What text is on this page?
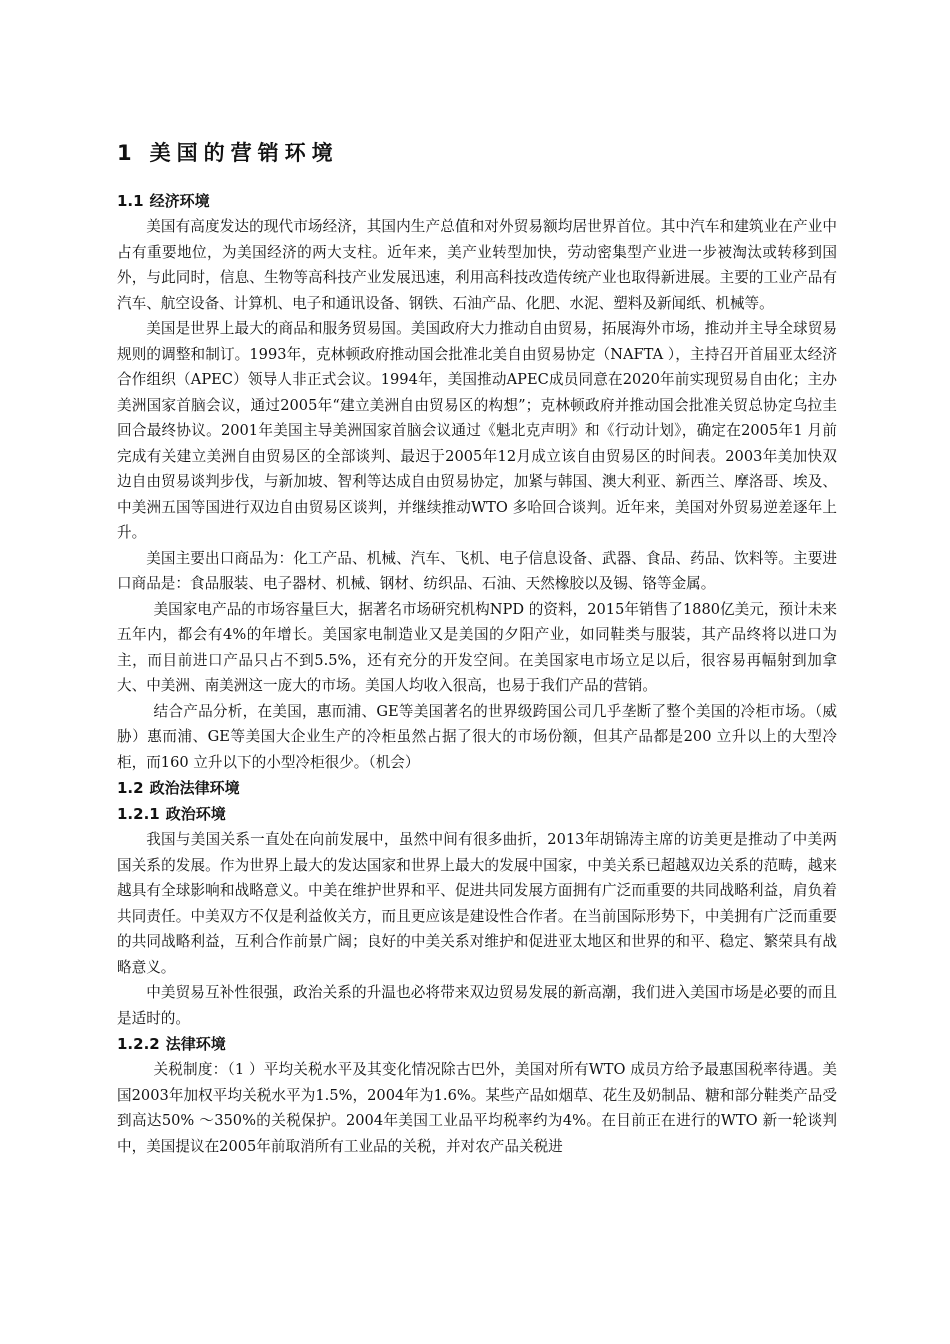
1 美国的营销环境
1.1 经济环境

美国有高度发达的现代市场经济，其国内生产总值和对外贸易额均居世界首位。其中汽车和建筑业在产业中占有重要地位，为美国经济的两大支柱。近年来，美产业转型加快，劳动密集型产业进一步被淘汰或转移到国外，与此同时，信息、生物等高科技产业发展迅速，利用高科技改造传统产业也取得新进展。主要的工业产品有汽车、航空设备、计算机、电子和通讯设备、钢铁、石油产品、化肥、水泥、塑料及新闻纸、机械等。

美国是世界上最大的商品和服务贸易国。美国政府大力推动自由贸易，拓展海外市场，推动并主导全球贸易规则的调整和制订。1993年，克林顿政府推动国会批准北美自由贸易协定（NAFTA ），主持召开首届亚太经济合作组织（APEC）领导人非正式会议。1994年，美国推动APEC成员同意在2020年前实现贸易自由化；主办美洲国家首脑会议，通过2005年“建立美洲自由贸易区的构想”；克林顿政府并推动国会批准关贸总协定乌拉圭回合最终协议。2001年美国主导美洲国家首脑会议通过《魁北克声明》和《行动计划》，确定在2005年1 月前完成有关建立美洲自由贸易区的全部谈判、最迟于2005年12月成立该自由贸易区的时间表。2003年美加快双边自由贸易谈判步伐，与新加坡、智利等达成自由贸易协定，加紧与韩国、澳大利亚、新西兰、摩洛哥、埃及、中美洲五国等国进行双边自由贸易区谈判，并继续推动WTO 多哈回合谈判。近年来，美国对外贸易逆差逐年上升。

美国主要出口商品为：化工产品、机械、汽车、飞机、电子信息设备、武器、食品、药品、饮料等。主要进口商品是：食品服装、电子器材、机械、钢材、纺织品、石油、天然橡胶以及锡、铬等金属。

美国家电产品的市场容量巨大，据著名市场研究机构NPD 的资料，2015年销售了1880亿美元，预计未来五年内，都会有4%的年增长。美国家电制造业又是美国的夕阳产业，如同鞋类与服装，其产品终将以进口为主，而目前进口产品只占不到5.5%，还有充分的开发空间。在美国家电市场立足以后，很容易再幅射到加拿大、中美洲、南美洲这一庞大的市场。美国人均收入很高，也易于我们产品的营销。

结合产品分析，在美国，惠而浦、GE等美国著名的世界级跨国公司几乎垄断了整个美国的冷柜市场。（威胁）惠而浦、GE等美国大企业生产的冷柜虽然占据了很大的市场份额，但其产品都是200 立升以上的大型冷柜，而160 立升以下的小型冷柜很少。（机会）

1.2 政治法律环境
1.2.1 政治环境

我国与美国关系一直处在向前发展中，虽然中间有很多曲折，2013年胡锦涛主席的访美更是推动了中美两国关系的发展。作为世界上最大的发达国家和世界上最大的发展中国家，中美关系已超越双边关系的范畴，越来越具有全球影响和战略意义。中美在维护世界和平、促进共同发展方面拥有广泛而重要的共同战略利益，肩负着共同责任。中美双方不仅是利益攸关方，而且更应该是建设性合作者。在当前国际形势下，中美拥有广泛而重要的共同战略利益，互利合作前景广阔；良好的中美关系对维护和促进亚太地区和世界的和平、稳定、繁荣具有战略意义。

中美贸易互补性很强，政治关系的升温也必将带来双边贸易发展的新高潮，我们进入美国市场是必要的而且是适时的。

1.2.2 法律环境

关税制度：（1 ）平均关税水平及其变化情况除古巴外，美国对所有WTO 成员方给予最惠国税率待遇。美国2003年加权平均关税水平为1.5%，2004年为1.6%。某些产品如烟草、花生及奶制品、糖和部分鞋类产品受到高达50% ～350%的关税保护。2004年美国工业品平均税率约为4%。在目前正在进行的WTO 新一轮谈判中，美国提议在2005年前取消所有工业品的关税，并对农产品关税进
